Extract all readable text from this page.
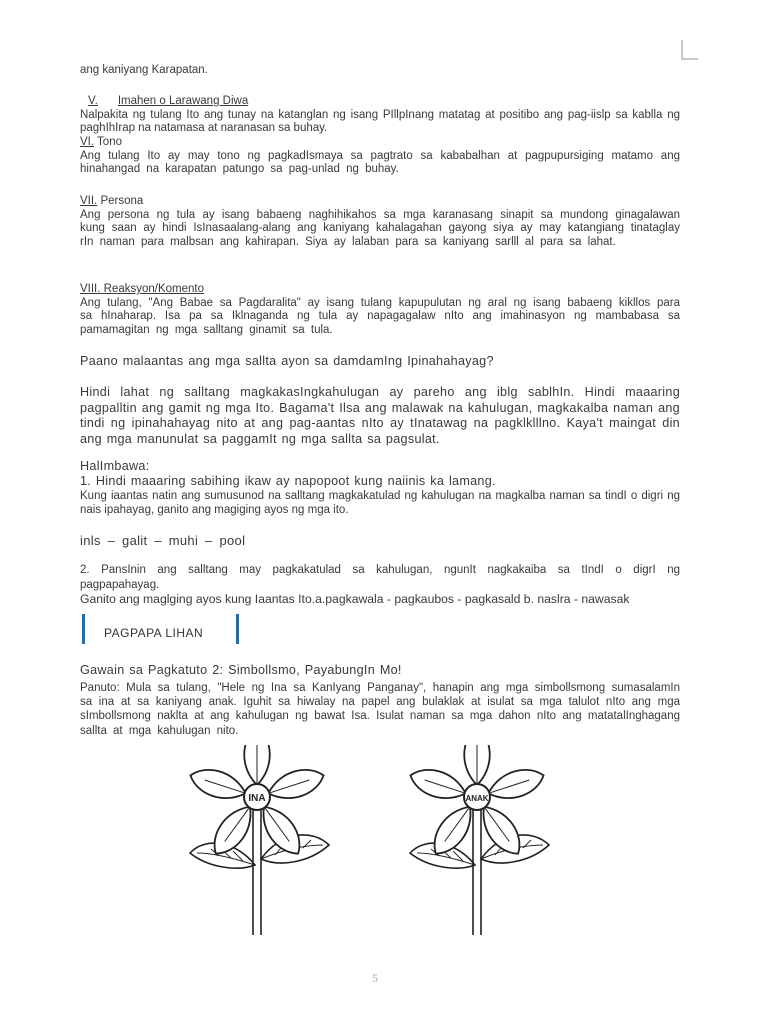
ang kaniyang Karapatan.

V. Imahen o Larawang Diwa

Nalpakita ng tulang Ito ang tunay na katanglan ng isang PIllpInang matatag at positibo ang pag-iislp sa kablla ng paghIhIrap na natamasa at naranasan sa buhay.

VI. Tono

Ang tulang Ito ay may tono ng pagkadIsmaya sa pagtrato sa kababalhan at pagpupursiging matamo ang hinahangad na karapatan patungo sa pag-unlad ng buhay.

VII. Persona

Ang persona ng tula ay isang babaeng naghihikahos sa mga karanasang sinapit sa mundong ginagalawan kung saan ay hindi IsInasaalang-alang ang kaniyang kahalagahan gayong siya ay may katangiang tinataglay rIn naman para malbsan ang kahirapan. Siya ay lalaban para sa kaniyang sarlll al para sa lahat.

VIII. Reaksyon/Komento

Ang tulang, "Ang Babae sa Pagdaralita" ay isang tulang kapupulutan ng aral ng isang babaeng kikllos para sa hInaharap. Isa pa sa Iklnaganda ng tula ay napagagalaw nIto ang imahinasyon ng mambabasa sa pamamagitan ng mga salltang ginamit sa tula.

Paano malaantas ang mga sallta ayon sa damdamIng Ipinahahayag?

Hindi lahat ng salltang magkakasIngkahulugan ay pareho ang iblg sablhIn. Hindi maaaring pagpalltin ang gamit ng mga Ito. Bagama't Ilsa ang malawak na kahulugan, magkakalba naman ang tindi ng ipinahahayag nito at ang pag-aantas nIto ay tInatawag na pagklklllno. Kaya't maingat din ang mga manunulat sa paggamIt ng mga sallta sa pagsulat.

HalImbawa:

1. Hindi maaaring sabihing ikaw ay napopoot kung naiinis ka lamang.

Kung iaantas natin ang sumusunod na salltang magkakatulad ng kahulugan na magkalba naman sa tindI o digri ng nais ipahayag, ganito ang magiging ayos ng mga ito.

inls – galit – muhi – pool

2. PansInin ang salltang may pagkakatulad sa kahulugan, ngunIt nagkakaiba sa tIndI o digrI ng pagpapahayag.

Ganito ang maglging ayos kung Iaantas Ito.a.pagkawala - pagkaubos - pagkasald b. naslra - nawasak

PAGPAPA LIHAN

Gawain sa Pagkatuto 2: Simbollsmo, PayabungIn Mo!

Panuto: Mula sa tulang, "Hele ng Ina sa KanIyang Panganay", hanapin ang mga simbollsmong sumasalamIn sa ina at sa kaniyang anak. Iguhit sa hiwalay na papel ang bulaklak at isulat sa mga talulot nIto ang mga sImbollsmong naklta at ang kahulugan ng bawat Isa. Isulat naman sa mga dahon nIto ang matatalInghagang sallta at mga kahulugan nito.

INA	ANAK
5
